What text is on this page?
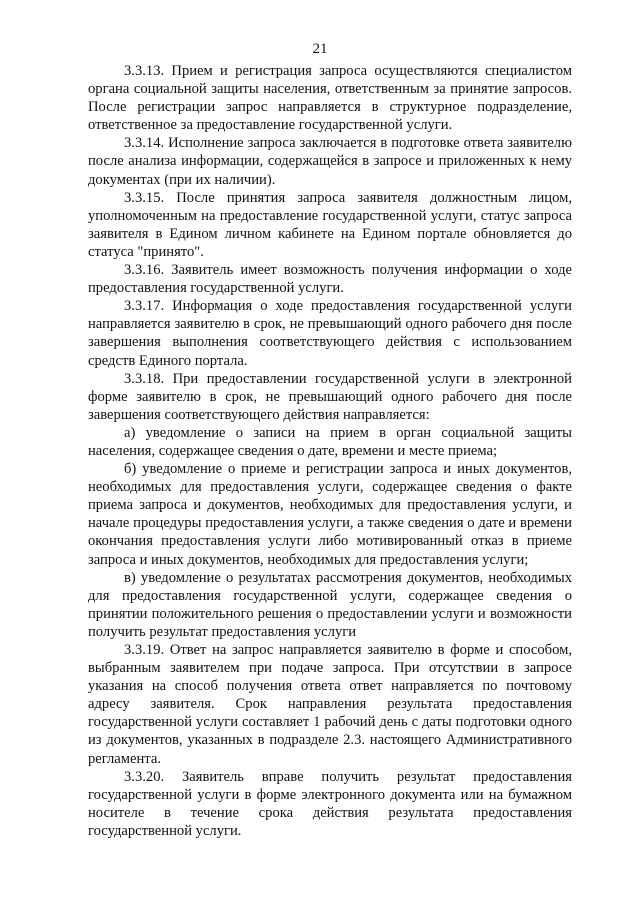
21

3.3.13. Прием и регистрация запроса осуществляются специалистом органа социальной защиты населения, ответственным за принятие запросов. После регистрации запрос направляется в структурное подразделение, ответственное за предоставление государственной услуги.

3.3.14. Исполнение запроса заключается в подготовке ответа заявителю после анализа информации, содержащейся в запросе и приложенных к нему документах (при их наличии).

3.3.15. После принятия запроса заявителя должностным лицом, уполномоченным на предоставление государственной услуги, статус запроса заявителя в Едином личном кабинете на Едином портале обновляется до статуса "принято".

3.3.16. Заявитель имеет возможность получения информации о ходе предоставления государственной услуги.

3.3.17. Информация о ходе предоставления государственной услуги направляется заявителю в срок, не превышающий одного рабочего дня после завершения выполнения соответствующего действия с использованием средств Единого портала.

3.3.18. При предоставлении государственной услуги в электронной форме заявителю в срок, не превышающий одного рабочего дня после завершения соответствующего действия направляется:

а) уведомление о записи на прием в орган социальной защиты населения, содержащее сведения о дате, времени и месте приема;

б) уведомление о приеме и регистрации запроса и иных документов, необходимых для предоставления услуги, содержащее сведения о факте приема запроса и документов, необходимых для предоставления услуги, и начале процедуры предоставления услуги, а также сведения о дате и времени окончания предоставления услуги либо мотивированный отказ в приеме запроса и иных документов, необходимых для предоставления услуги;

в) уведомление о результатах рассмотрения документов, необходимых для предоставления государственной услуги, содержащее сведения о принятии положительного решения о предоставлении услуги и возможности получить результат предоставления услуги

3.3.19. Ответ на запрос направляется заявителю в форме и способом, выбранным заявителем при подаче запроса. При отсутствии в запросе указания на способ получения ответа ответ направляется по почтовому адресу заявителя. Срок направления результата предоставления государственной услуги составляет 1 рабочий день с даты подготовки одного из документов, указанных в подразделе 2.3. настоящего Административного регламента.

3.3.20. Заявитель вправе получить результат предоставления государственной услуги в форме электронного документа или на бумажном носителе в течение срока действия результата предоставления государственной услуги.
